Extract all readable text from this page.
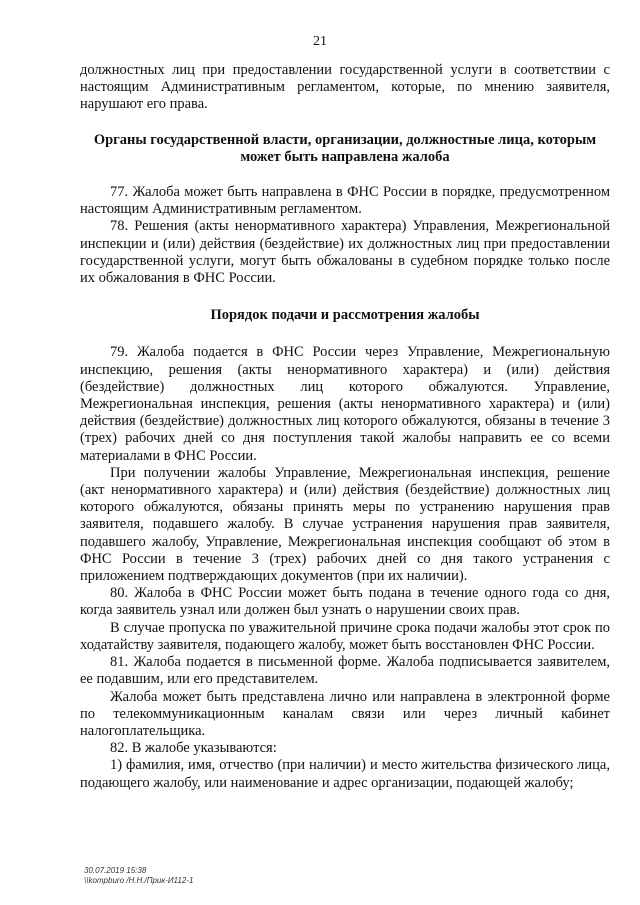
21

должностных лиц при предоставлении государственной услуги в соответствии с настоящим Административным регламентом, которые, по мнению заявителя, нарушают его права.

Органы государственной власти, организации, должностные лица, которым может быть направлена жалоба

77. Жалоба может быть направлена в ФНС России в порядке, предусмотренном настоящим Административным регламентом.

78. Решения (акты ненормативного характера) Управления, Межрегиональной инспекции и (или) действия (бездействие) их должностных лиц при предоставлении государственной услуги, могут быть обжалованы в судебном порядке только после их обжалования в ФНС России.

Порядок подачи и рассмотрения жалобы

79. Жалоба подается в ФНС России через Управление, Межрегиональную инспекцию, решения (акты ненормативного характера) и (или) действия (бездействие) должностных лиц которого обжалуются. Управление, Межрегиональная инспекция, решения (акты ненормативного характера) и (или) действия (бездействие) должностных лиц которого обжалуются, обязаны в течение 3 (трех) рабочих дней со дня поступления такой жалобы направить ее со всеми материалами в ФНС России.

При получении жалобы Управление, Межрегиональная инспекция, решение (акт ненормативного характера) и (или) действия (бездействие) должностных лиц которого обжалуются, обязаны принять меры по устранению нарушения прав заявителя, подавшего жалобу. В случае устранения нарушения прав заявителя, подавшего жалобу, Управление, Межрегиональная инспекция сообщают об этом в ФНС России в течение 3 (трех) рабочих дней со дня такого устранения с приложением подтверждающих документов (при их наличии).

80. Жалоба в ФНС России может быть подана в течение одного года со дня, когда заявитель узнал или должен был узнать о нарушении своих прав.

В случае пропуска по уважительной причине срока подачи жалобы этот срок по ходатайству заявителя, подающего жалобу, может быть восстановлен ФНС России.

81. Жалоба подается в письменной форме. Жалоба подписывается заявителем, ее подавшим, или его представителем.

Жалоба может быть представлена лично или направлена в электронной форме по телекоммуникационным каналам связи или через личный кабинет налогоплательщика.

82. В жалобе указываются:

1) фамилия, имя, отчество (при наличии) и место жительства физического лица, подающего жалобу, или наименование и адрес организации, подающей жалобу;

30.07.2019 15:38
\\kompburo /Н.Н./Прик-И112-1
